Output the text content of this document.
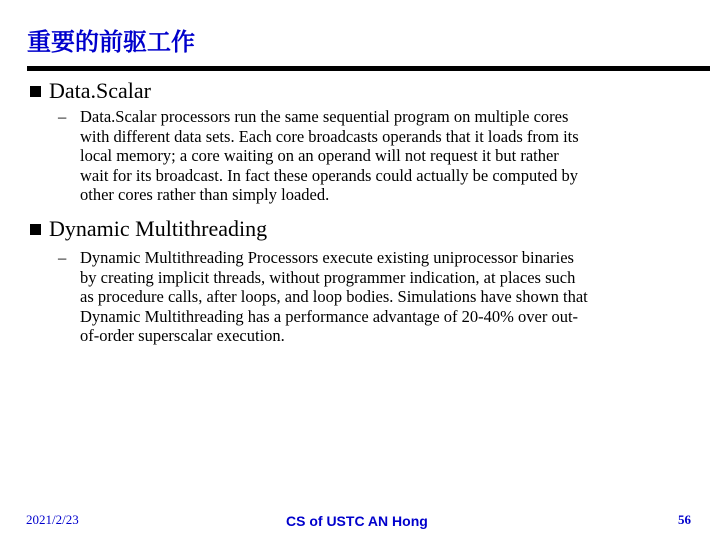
重要的前驱工作
Data.Scalar
– Data.Scalar processors run the same sequential program on multiple cores
with different data sets. Each core broadcasts operands that it loads from its
local memory; a core waiting on an operand will not request it but rather
wait for its broadcast. In fact these operands could actually be computed by
other cores rather than simply loaded.
Dynamic Multithreading
– Dynamic Multithreading Processors execute existing uniprocessor binaries
by creating implicit threads, without programmer indication, at places such
as procedure calls, after loops, and loop bodies. Simulations have shown that
Dynamic Multithreading has a performance advantage of 20-40% over out-
of-order superscalar execution.
2021/2/23	CS of USTC AN Hong	56
